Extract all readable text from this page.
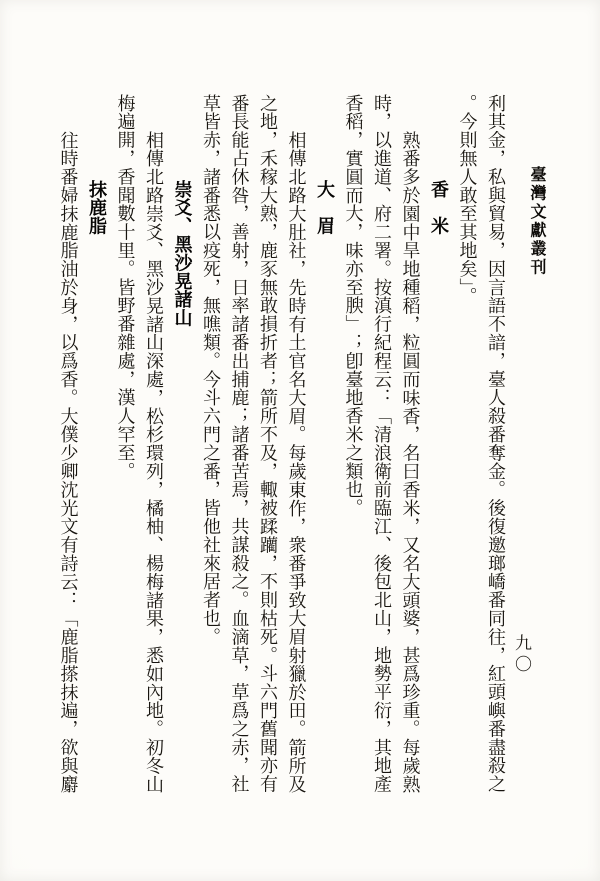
臺灣文獻叢刊
九〇
利其金，私與貿易，因言語不諳，臺人殺番奪金。後復邀瑯嶠番同往，紅頭嶼番盡殺之
。今則無人敢至其地矣」。
香　米
熟番多於園中旱地種稻，粒圓而味香，名曰香米，又名大頭婆，甚爲珍重。每歲熟
時，以進道、府二署。按滇行紀程云：「清浪衛前臨江、後包北山，地勢平衍，其地產
香稻，實圓而大，味亦至腴」；卽臺地香米之類也。
大　眉
相傳北路大肚社，先時有土官名大眉。每歲東作，衆番爭致大眉射獵於田。箭所及
之地，禾稼大熟，鹿豕無敢損折者；箭所不及，輙被蹂躪，不則枯死。斗六門舊聞亦有
番長能占休咎，善射，日率諸番出捕鹿；諸番苦焉，共謀殺之。血滴草，草爲之赤，社
草皆赤，諸番悉以疫死，無噍類。今斗六門之番，皆他社來居者也。
崇爻、黑沙晃諸山
相傳北路崇爻、黑沙晃諸山深處，松杉環列，橘柚、楊梅諸果，悉如內地。初冬山
梅遍開，香聞數十里。皆野番雜處，漢人罕至。
抹鹿脂
往時番婦抹鹿脂油於身，以爲香。大僕少卿沈光文有詩云：「鹿脂搽抹遍，欲與麝
